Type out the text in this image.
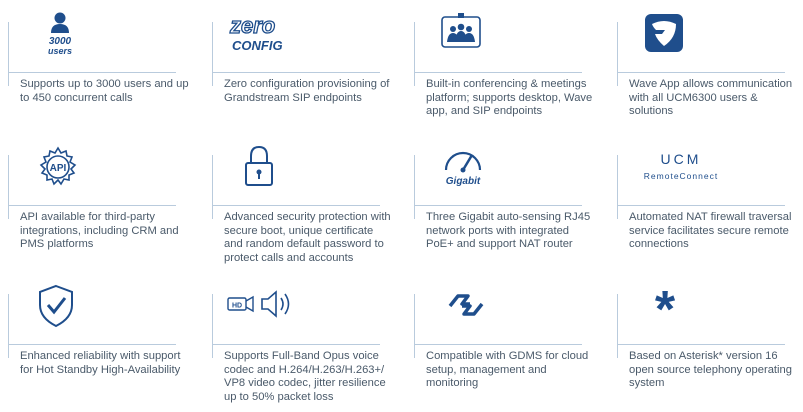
3000
users
Supports up to 3000 users and up to 450 concurrent calls
zero
CONFIG
Zero configuration provisioning of Grandstream SIP endpoints
Built-in conferencing & meetings platform; supports desktop, Wave app, and SIP endpoints
Wave App allows communication with all UCM6300 users & solutions
API
API available for third-party integrations, including CRM and PMS platforms
Advanced security protection with secure boot, unique certificate and random default password to protect calls and accounts
Gigabit
Three Gigabit auto-sensing RJ45 network ports with integrated PoE+ and support NAT router
UCM
RemoteConnect
Automated NAT firewall traversal service facilitates secure remote connections
Enhanced reliability with support for Hot Standby High-Availability
HD
Supports Full-Band Opus voice codec and H.264/H.263/H.263+/ VP8 video codec, jitter resilience up to 50% packet loss
Compatible with GDMS for cloud setup, management and monitoring
*
Based on Asterisk* version 16 open source telephony operating system
